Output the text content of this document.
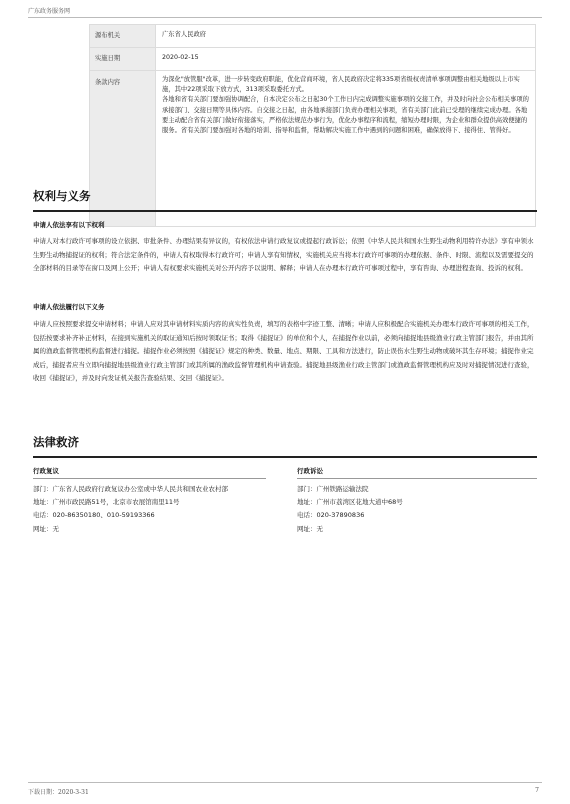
广东政务服务网
源布机关	广东省人民政府
实施日期	2020-02-15
条款内容	为深化"放管服"改革，进一步转变政府职能，优化营商环境，省人民政府决定将335项省级权责清单事项调整由相关地级以上市实施，其中22项采取下放方式，313项采取委托方式。

各地和省有关部门要加强协调配合，自本决定公布之日起30个工作日内完成调整实施事项的交接工作，并及时向社会公布相关事项的承接部门、交接日期等具体内容。自交接之日起，由各地承接部门负责办理相关事项，省有关部门此前已受理的继续完成办理。各地要主动配合省有关部门做好衔接落实，严格依法规范办事行为，优化办事程序和流程，缩短办理时限，为企业和群众提供高效便捷的服务。省有关部门要加强对各地的培训、指导和监督，帮助解决实施工作中遇到的问题和困难，确保放得下、接得住、管得好。

权利与义务
申请人依法享有以下权利

申请人对本行政许可事项的设立依据、审批条件、办理结果有异议的，有权依法申请行政复议或提起行政诉讼；依照《中华人民共和国水生野生动物利用特许办法》享有申领水生野生动物捕捉证的权利；符合法定条件的，申请人有权取得本行政许可；申请人享有知情权，实施机关应当将本行政许可事项的办理依据、条件、时限、流程以及需要提交的全部材料的目录等在窗口及网上公开；申请人有权要求实施机关对公开内容予以说明、解释；申请人在办理本行政许可事项过程中，享有咨询、办理进程查询、投诉的权利。

申请人依法履行以下义务

申请人应按照要求提交申请材料；申请人应对其申请材料实质内容的真实性负责，填写的表格中字迹工整、清晰；申请人应积极配合实施机关办理本行政许可事项的相关工作，包括按要求补齐补正材料，在接到实施机关的取证通知后按时领取证书；取得《捕捉证》的单位和个人，在捕捉作业以前，必须向捕捉地县级渔业行政主管部门报告，并由其所属的渔政监督管理机构监督进行捕捉。捕捉作业必须按照《捕捉证》规定的种类、数量、地点、期限、工具和方法进行，防止误伤水生野生动物或破坏其生存环境；捕捉作业完成后，捕捉者应当立即向捕捉地县级渔业行政主管部门或其所属的渔政监督管理机构申请查验。捕捉地县级渔业行政主管部门或渔政监督管理机构应及时对捕捉情况进行查验，收回《捕捉证》，并及时向发证机关报告查验结果、交回《捕捉证》。

法律救济
行政复议
部门：广东省人民政府行政复议办公室或中华人民共和国农业农村部
地址：广州市政民路51号，北京市农展馆南里11号
电话：020-86350180、010-59193366
网址：无
行政诉讼
部门：广州铁路运输法院
地址：广州市荔湾区花地大道中68号
电话：020-37890836
网址：无
下载日期：2020-3-31	7
